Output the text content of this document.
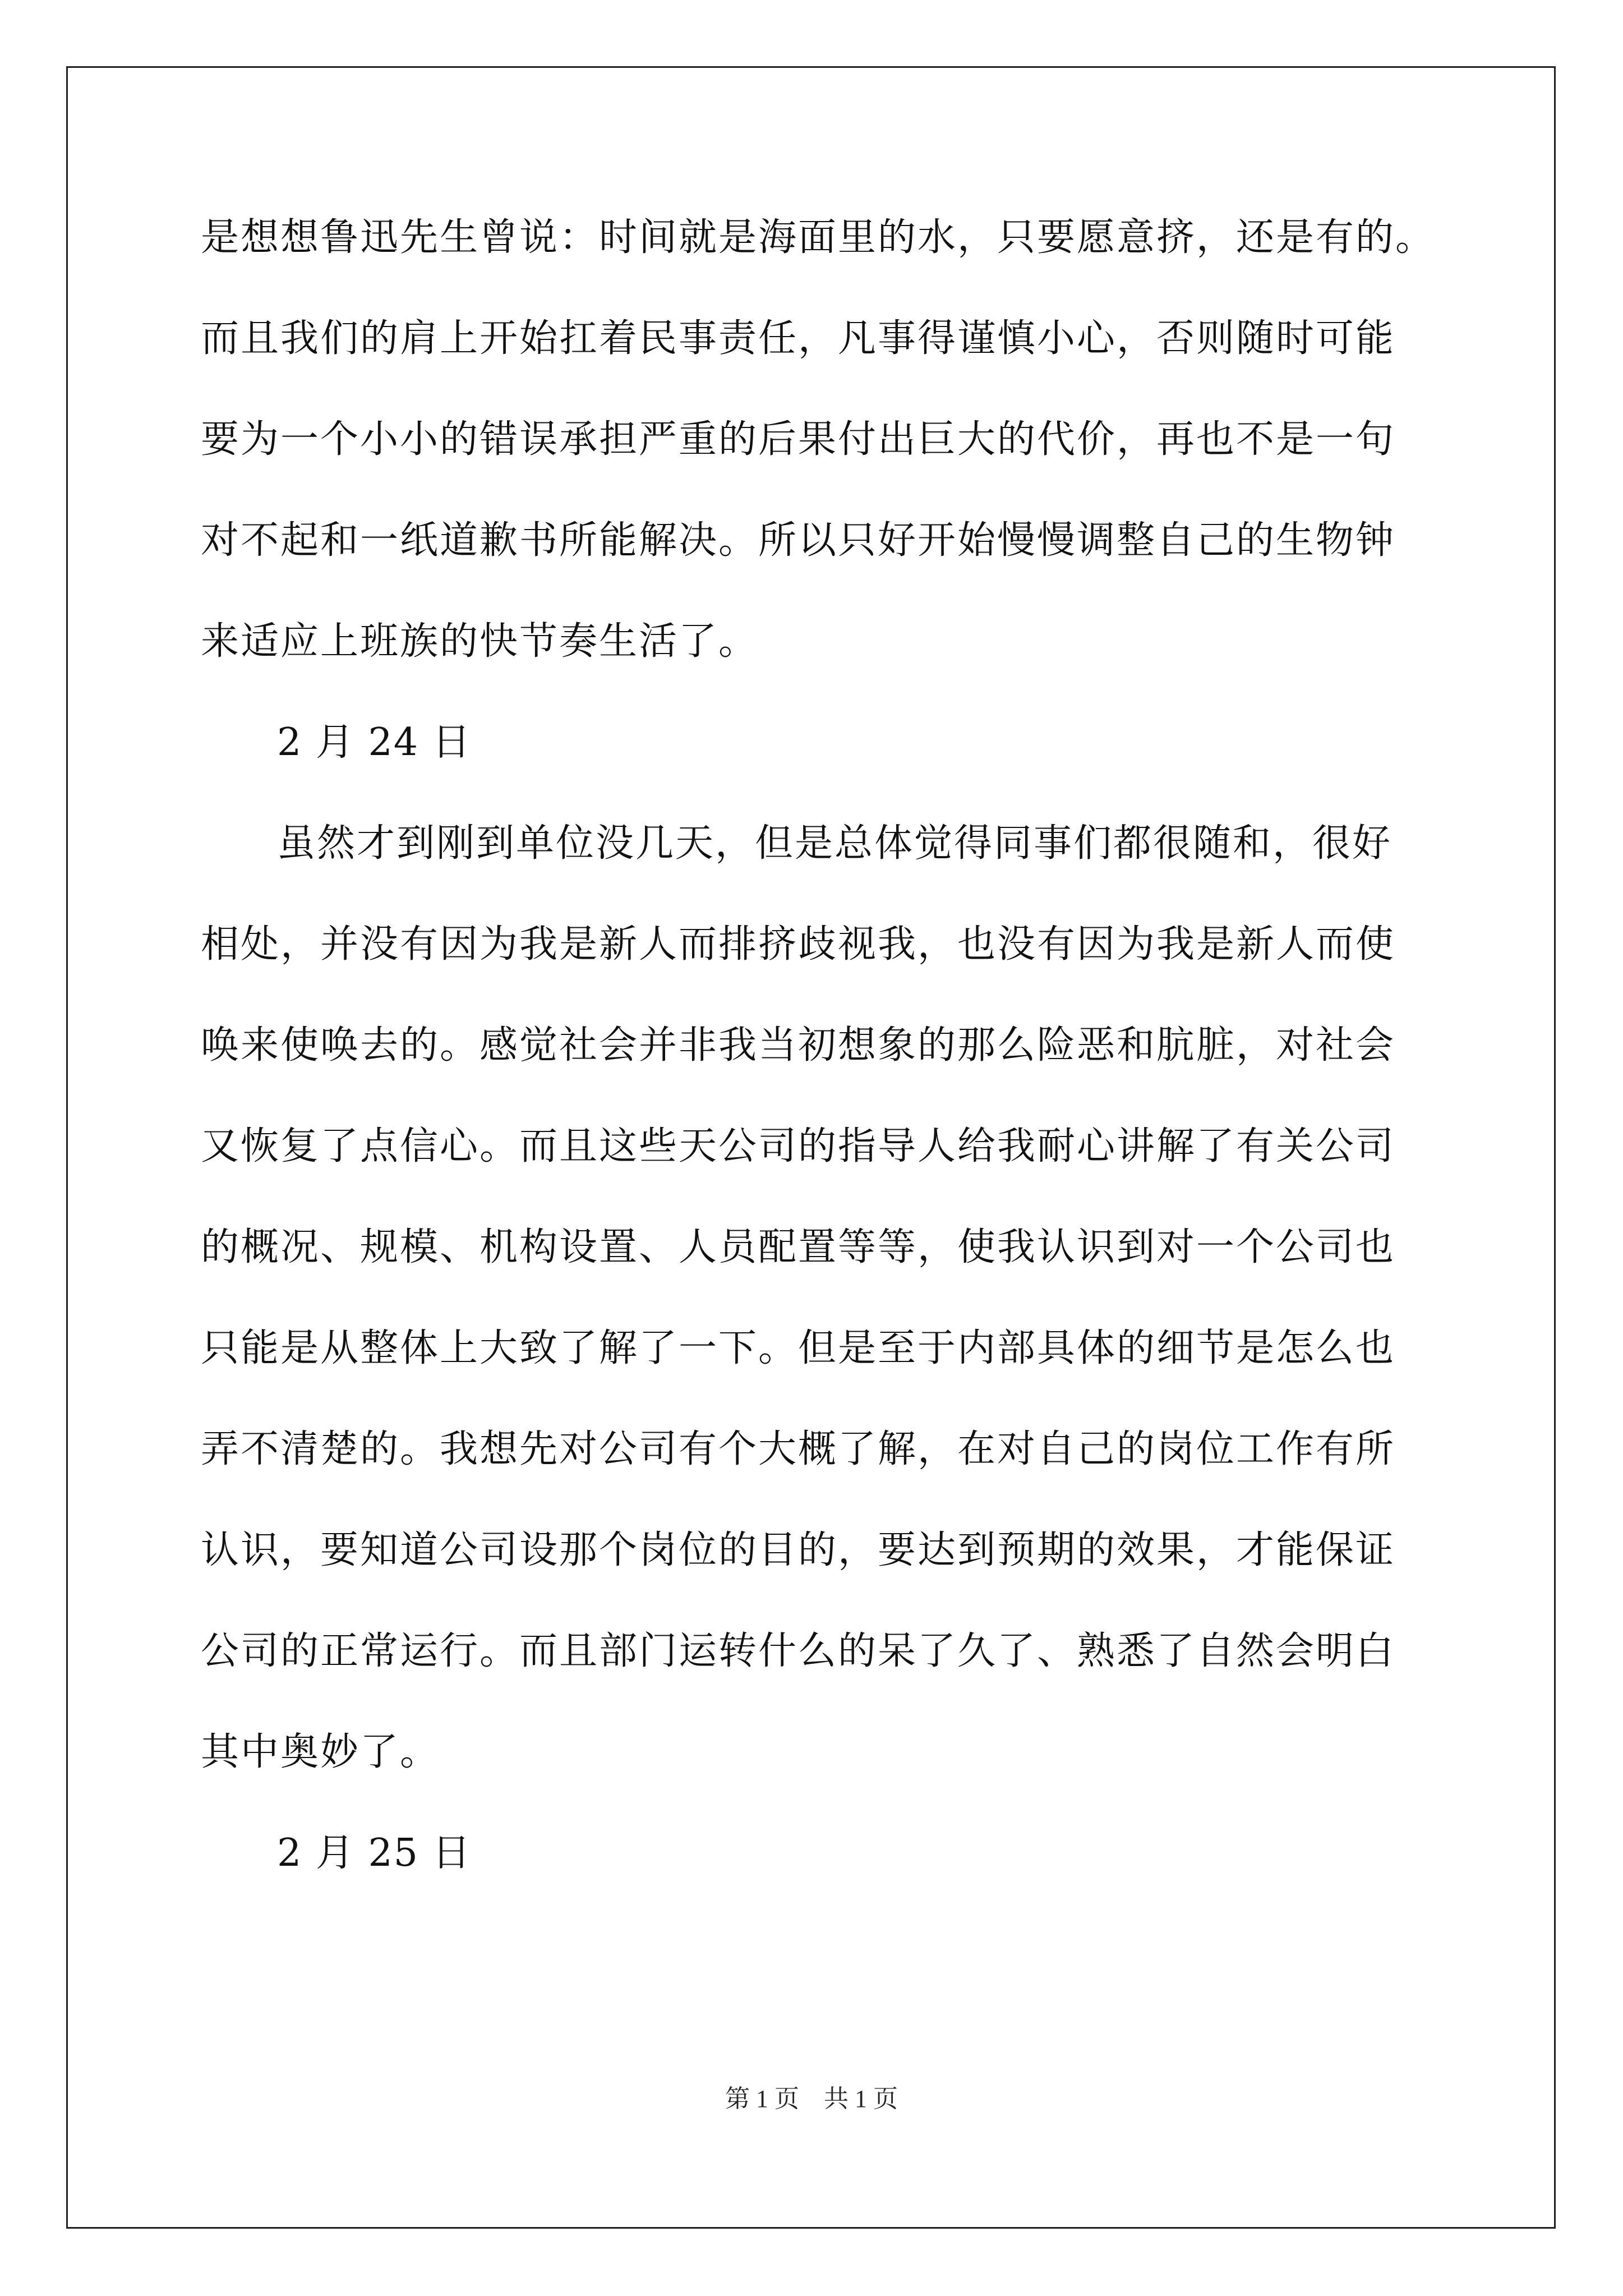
是想想鲁迅先生曾说：时间就是海面里的水，只要愿意挤，还是有的。
而且我们的肩上开始扛着民事责任，凡事得谨慎小心，否则随时可能
要为一个小小的错误承担严重的后果付出巨大的代价，再也不是一句
对不起和一纸道歉书所能解决。所以只好开始慢慢调整自己的生物钟
来适应上班族的快节奏生活了。
2 月 24 日
虽然才到刚到单位没几天，但是总体觉得同事们都很随和，很好
相处，并没有因为我是新人而排挤歧视我，也没有因为我是新人而使
唤来使唤去的。感觉社会并非我当初想象的那么险恶和肮脏，对社会
又恢复了点信心。而且这些天公司的指导人给我耐心讲解了有关公司
的概况、规模、机构设置、人员配置等等，使我认识到对一个公司也
只能是从整体上大致了解了一下。但是至于内部具体的细节是怎么也
弄不清楚的。我想先对公司有个大概了解，在对自己的岗位工作有所
认识，要知道公司设那个岗位的目的，要达到预期的效果，才能保证
公司的正常运行。而且部门运转什么的呆了久了、熟悉了自然会明白
其中奥妙了。
2 月 25 日
第 1 页    共 1 页
